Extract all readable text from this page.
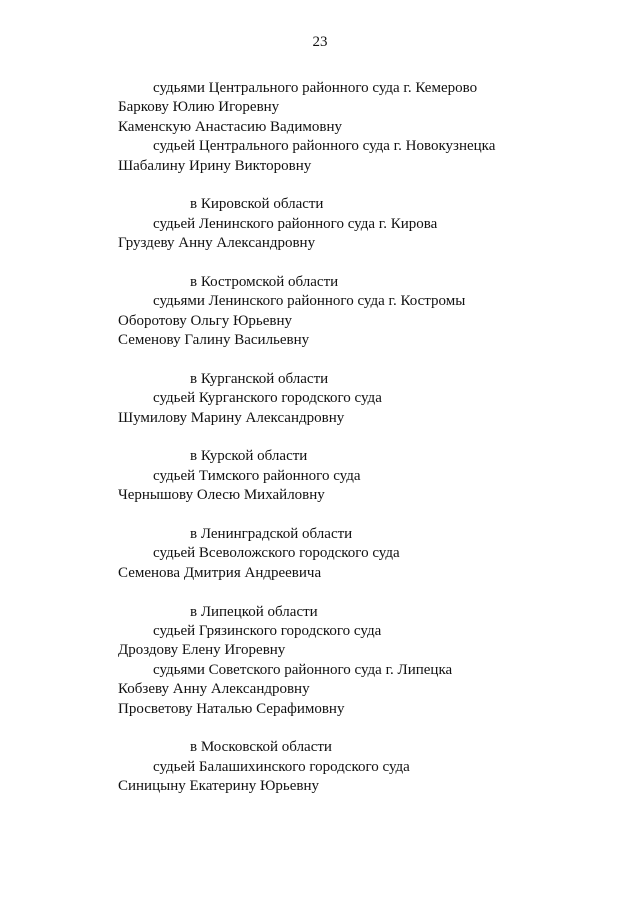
23
судьями Центрального районного суда г. Кемерово
Баркову Юлию Игоревну
Каменскую Анастасию Вадимовну
судьей Центрального районного суда г. Новокузнецка
Шабалину Ирину Викторовну
в Кировской области
судьей Ленинского районного суда г. Кирова
Груздеву Анну Александровну
в Костромской области
судьями Ленинского районного суда г. Костромы
Оборотову Ольгу Юрьевну
Семенову Галину Васильевну
в Курганской области
судьей Курганского городского суда
Шумилову Марину Александровну
в Курской области
судьей Тимского районного суда
Чернышову Олесю Михайловну
в Ленинградской области
судьей Всеволожского городского суда
Семенова Дмитрия Андреевича
в Липецкой области
судьей Грязинского городского суда
Дроздову Елену Игоревну
судьями Советского районного суда г. Липецка
Кобзеву Анну Александровну
Просветову Наталью Серафимовну
в Московской области
судьей Балашихинского городского суда
Синицыну Екатерину Юрьевну
